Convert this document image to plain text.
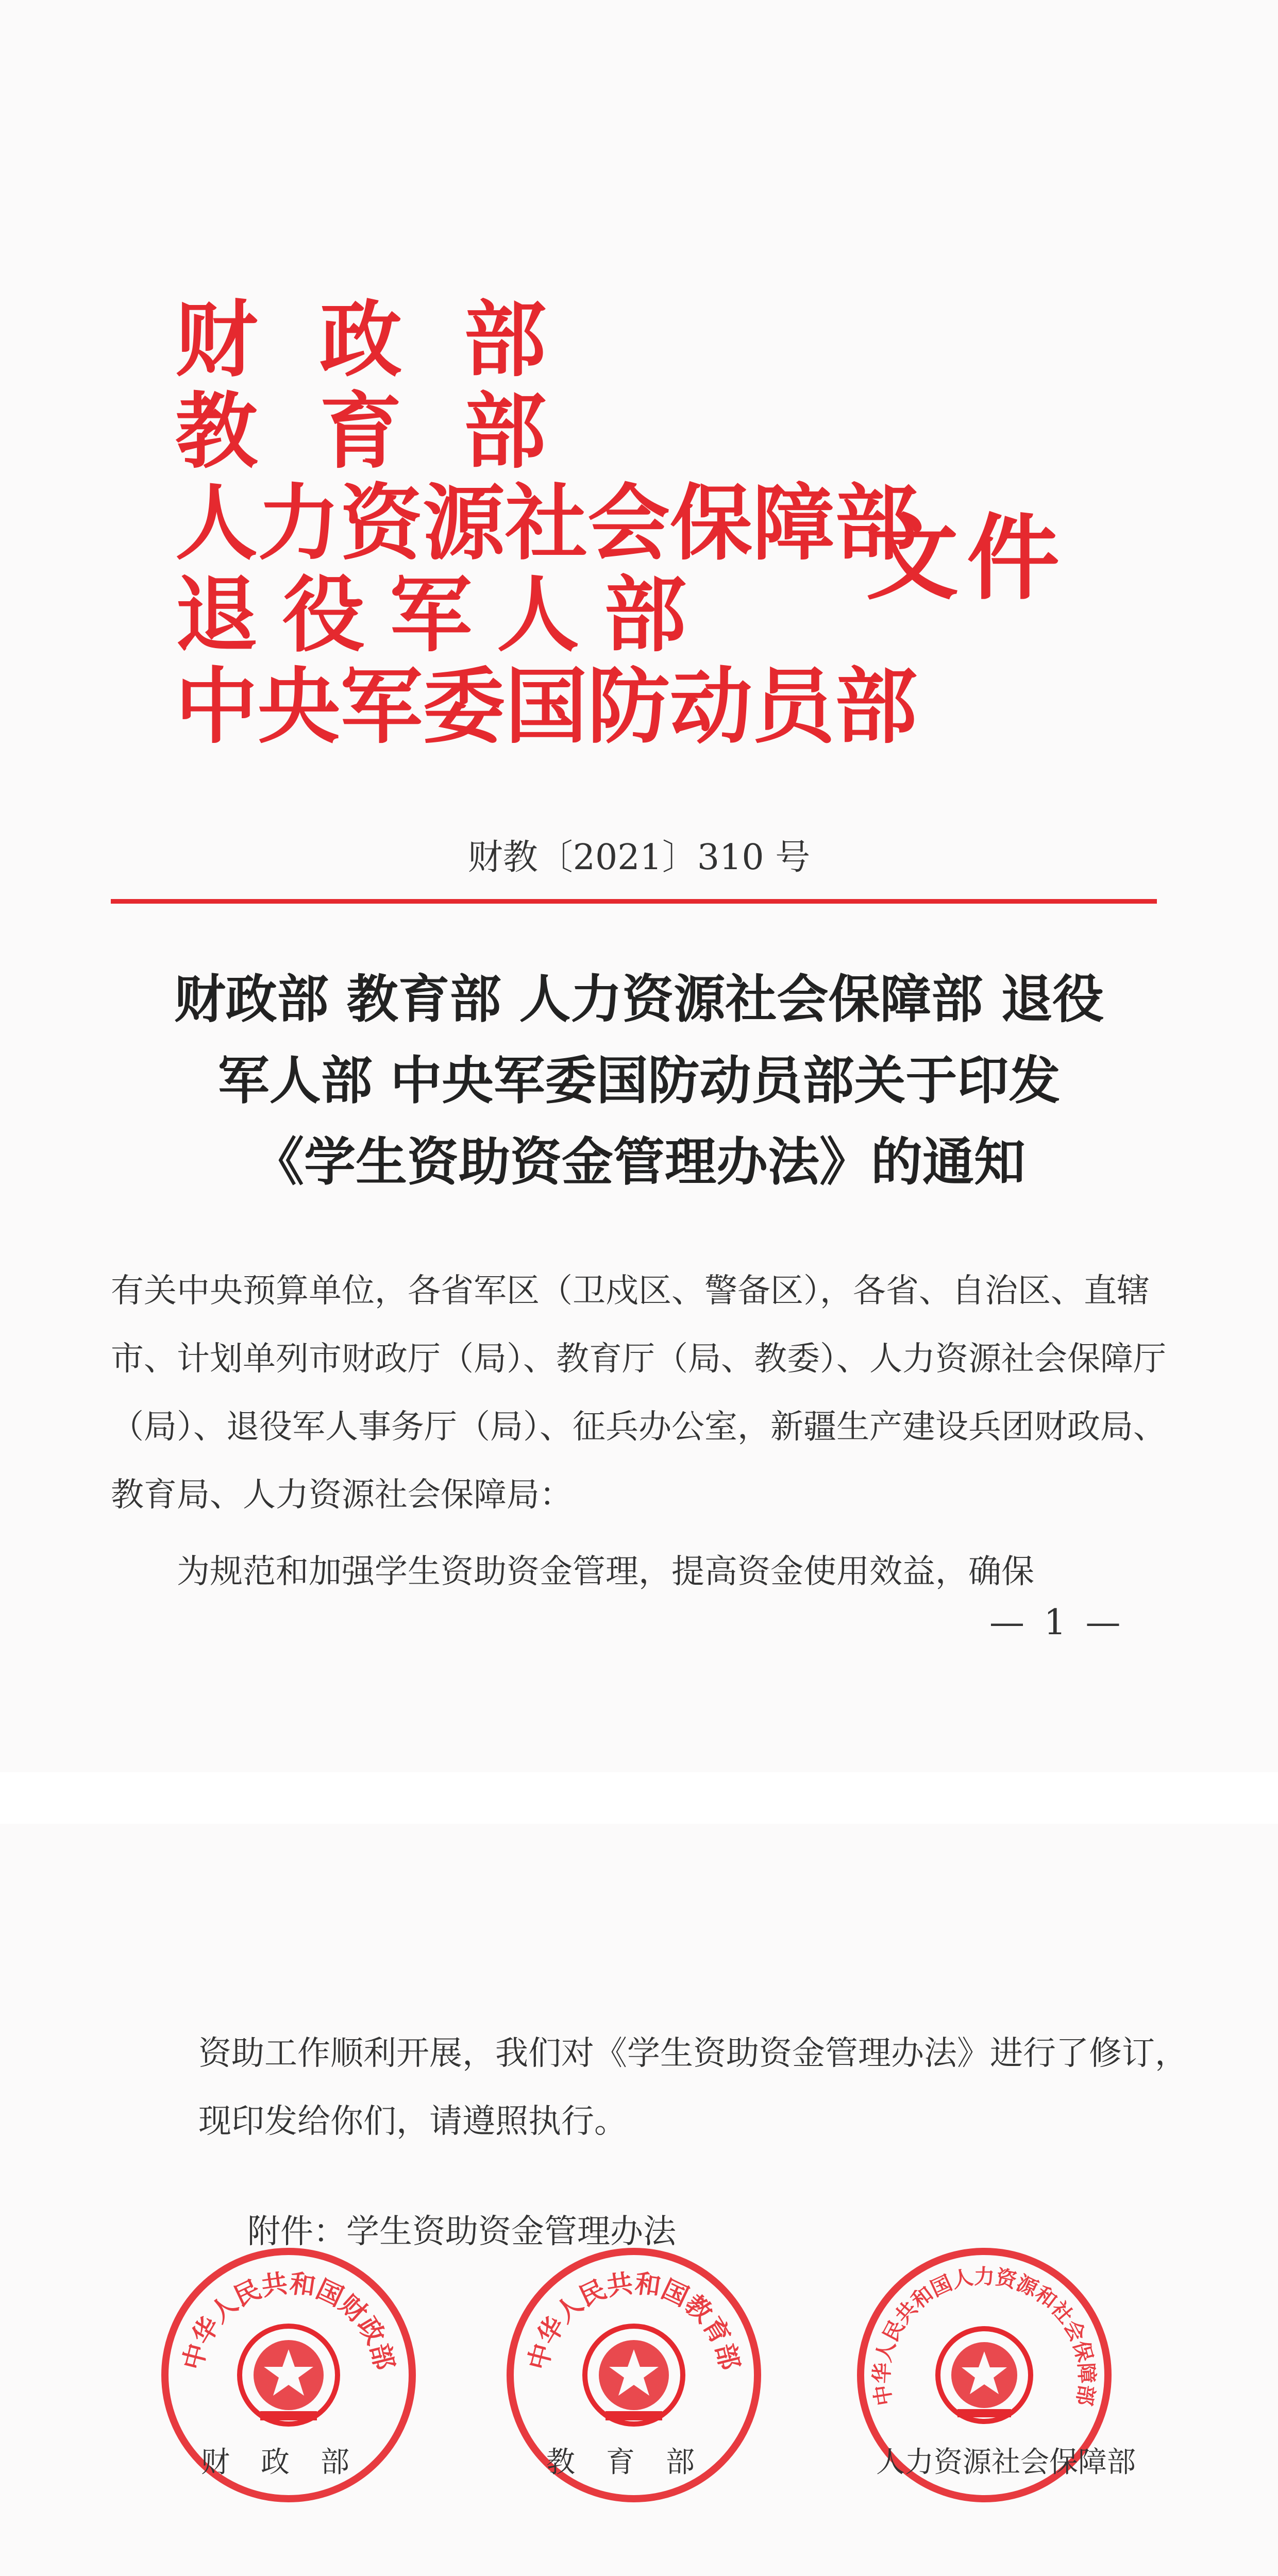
财政部
教育部
人力资源社会保障部
退役军人部
中央军委国防动员部
文件
财教〔2021〕310 号
财政部 教育部 人力资源社会保障部 退役
军人部 中央军委国防动员部关于印发
《学生资助资金管理办法》的通知
有关中央预算单位，各省军区（卫戍区、警备区），各省、自治区、直辖市、计划单列市财政厅（局）、教育厅（局、教委）、人力资源社会保障厅（局）、退役军人事务厅（局）、征兵办公室，新疆生产建设兵团财政局、教育局、人力资源社会保障局：
为规范和加强学生资助资金管理，提高资金使用效益，确保
— 1 —
资助工作顺利开展，我们对《学生资助资金管理办法》进行了修订，现印发给你们，请遵照执行。
附件：学生资助资金管理办法
中华人民共和国财政部	中华人民共和国教育部
中华人民共和国人力资源和社会保障部
财政部	教育部	人力资源社会保障部
